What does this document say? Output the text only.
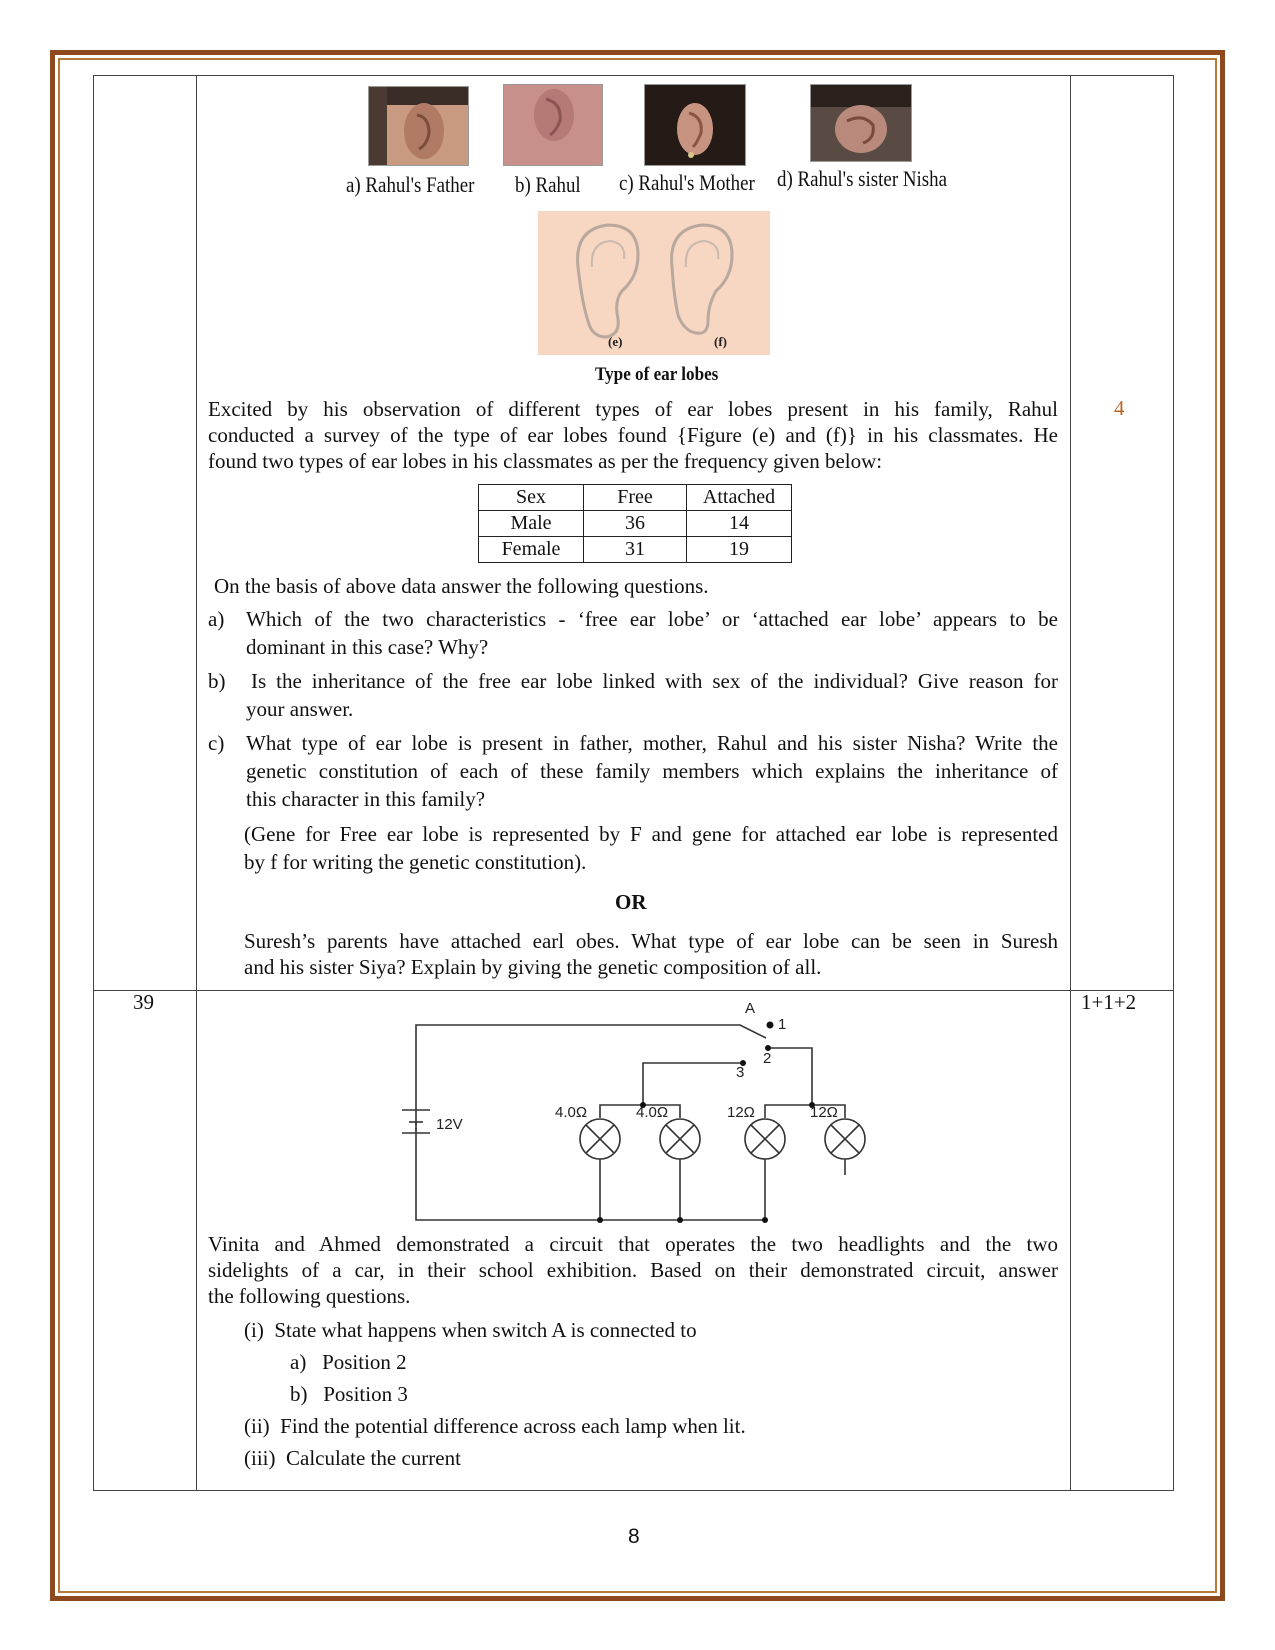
4
a) Rahul's Father b) Rahul c) Rahul's Mother d) Rahul's sister Nisha
(e)	(f)
Type of ear lobes
Excited by his observation of different types of ear lobes present in his family, Rahul
conducted a survey of the type of ear lobes found {Figure (e) and (f)} in his classmates. He
found two types of ear lobes in his classmates as per the frequency given below:
Sex	Free	Attached
Male	36	14
Female	31	19
On the basis of above data answer the following questions.
a) Which of the two characteristics - ‘free ear lobe’ or ‘attached ear lobe’ appears to be
dominant in this case? Why?
b) Is the inheritance of the free ear lobe linked with sex of the individual? Give reason for
your answer.
c) What type of ear lobe is present in father, mother, Rahul and his sister Nisha? Write the
genetic constitution of each of these family members which explains the inheritance of
this character in this family?
(Gene for Free ear lobe is represented by F and gene for attached ear lobe is represented
by f for writing the genetic constitution).
OR
Suresh’s parents have attached earl obes. What type of ear lobe can be seen in Suresh
and his sister Siya? Explain by giving the genetic composition of all.
39	1+1+2
12V
A
1
2
3
4.0Ω	4.0Ω	12Ω	12Ω
Vinita and Ahmed demonstrated a circuit that operates the two headlights and the two
sidelights of a car, in their school exhibition. Based on their demonstrated circuit, answer
the following questions.
(i)  State what happens when switch A is connected to
a)   Position 2
b)   Position 3
(ii)  Find the potential difference across each lamp when lit.
(iii)  Calculate the current
8
